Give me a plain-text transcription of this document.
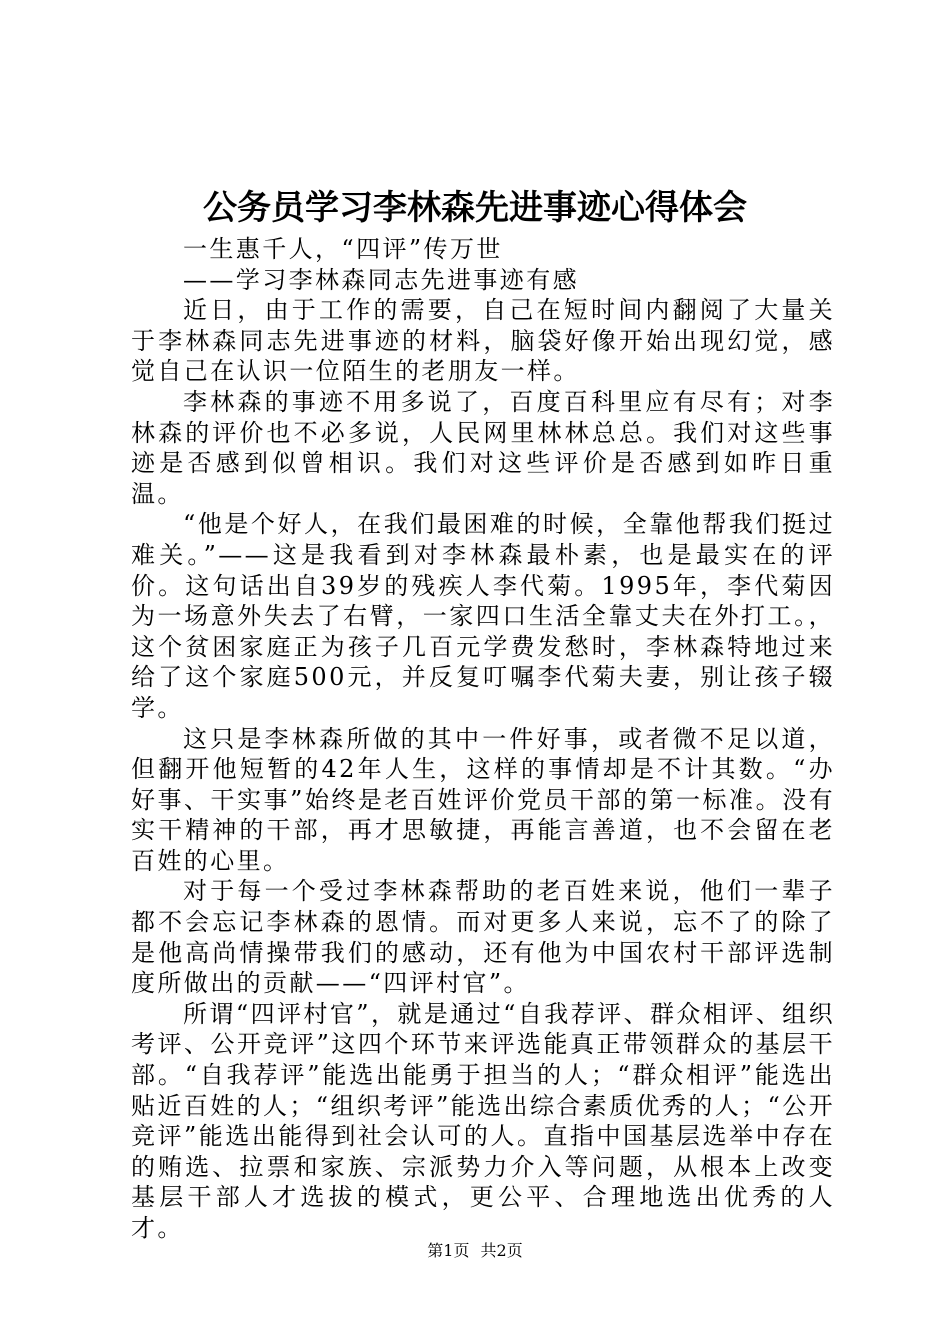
公务员学习李林森先进事迹心得体会

一生惠千人，“四评”传万世

——学习李林森同志先进事迹有感

近日，由于工作的需要，自己在短时间内翻阅了大量关于李林森同志先进事迹的材料，脑袋好像开始出现幻觉，感觉自己在认识一位陌生的老朋友一样。

李林森的事迹不用多说了，百度百科里应有尽有；对李林森的评价也不必多说，人民网里林林总总。我们对这些事迹是否感到似曾相识。我们对这些评价是否感到如昨日重温。

“他是个好人，在我们最困难的时候，全靠他帮我们挺过难关。”——这是我看到对李林森最朴素，也是最实在的评价。这句话出自39岁的残疾人李代菊。1995年，李代菊因为一场意外失去了右臂，一家四口生活全靠丈夫在外打工。，这个贫困家庭正为孩子几百元学费发愁时，李林森特地过来给了这个家庭500元，并反复叮嘱李代菊夫妻，别让孩子辍学。

这只是李林森所做的其中一件好事，或者微不足以道，但翻开他短暂的42年人生，这样的事情却是不计其数。“办好事、干实事”始终是老百姓评价党员干部的第一标准。没有实干精神的干部，再才思敏捷，再能言善道，也不会留在老百姓的心里。

对于每一个受过李林森帮助的老百姓来说，他们一辈子都不会忘记李林森的恩情。而对更多人来说，忘不了的除了是他高尚情操带我们的感动，还有他为中国农村干部评选制度所做出的贡献——“四评村官”。

所谓“四评村官”，就是通过“自我荐评、群众相评、组织考评、公开竞评”这四个环节来评选能真正带领群众的基层干部。“自我荐评”能选出能勇于担当的人；“群众相评”能选出贴近百姓的人；“组织考评”能选出综合素质优秀的人；“公开竞评”能选出能得到社会认可的人。直指中国基层选举中存在的贿选、拉票和家族、宗派势力介入等问题，从根本上改变基层干部人才选拔的模式，更公平、合理地选出优秀的人才。

第1页 共2页
